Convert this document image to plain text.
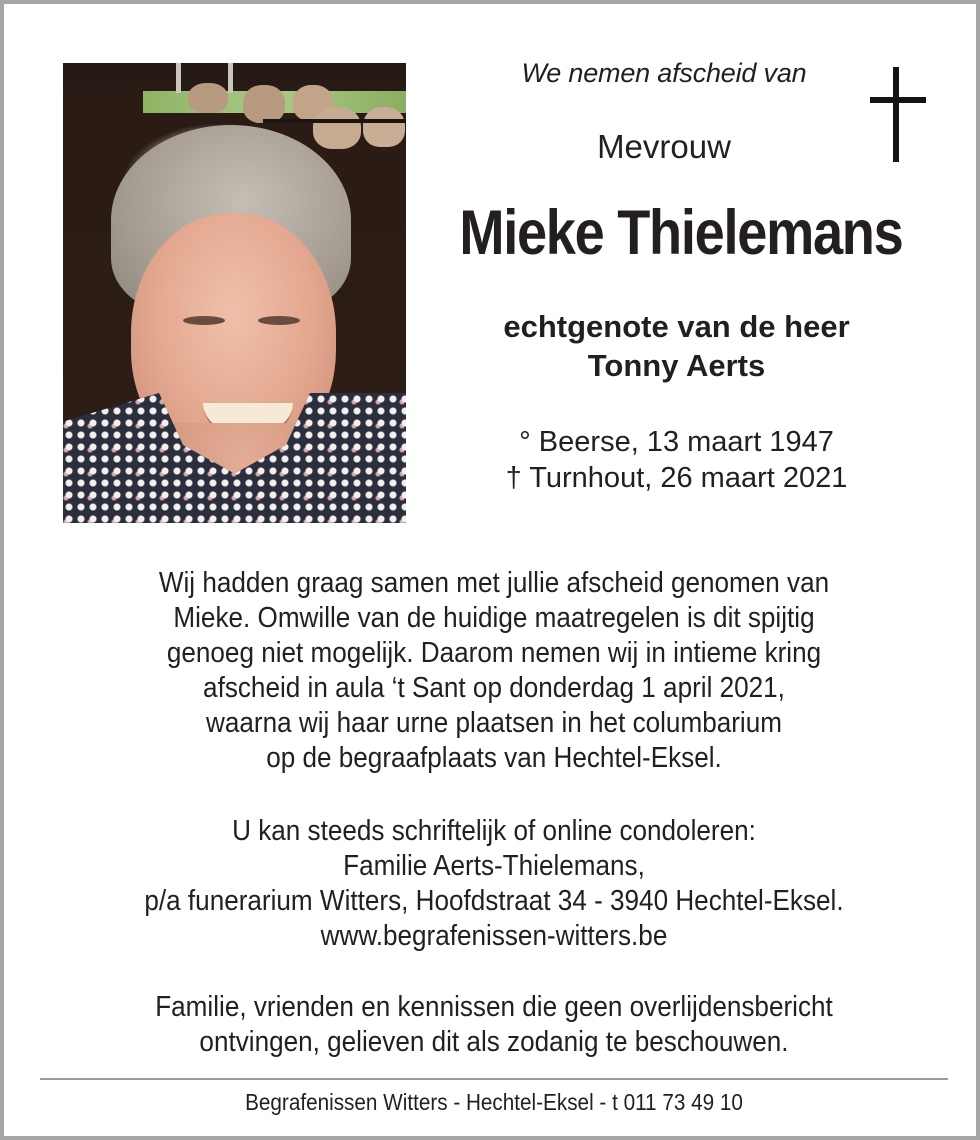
We nemen afscheid van
Mevrouw
Mieke Thielemans
echtgenote van de heer
Tonny Aerts
° Beerse, 13 maart 1947
† Turnhout, 26 maart 2021
Wij hadden graag samen met jullie afscheid genomen van
Mieke. Omwille van de huidige maatregelen is dit spijtig
genoeg niet mogelijk. Daarom nemen wij in intieme kring
afscheid in aula ‘t Sant op donderdag 1 april 2021,
waarna wij haar urne plaatsen in het columbarium
op de begraafplaats van Hechtel-Eksel.
U kan steeds schriftelijk of online condoleren:
Familie Aerts-Thielemans,
p/a funerarium Witters, Hoofdstraat 34 - 3940 Hechtel-Eksel.
www.begrafenissen-witters.be
Familie, vrienden en kennissen die geen overlijdensbericht
ontvingen, gelieven dit als zodanig te beschouwen.
Begrafenissen Witters - Hechtel-Eksel - t 011 73 49 10
